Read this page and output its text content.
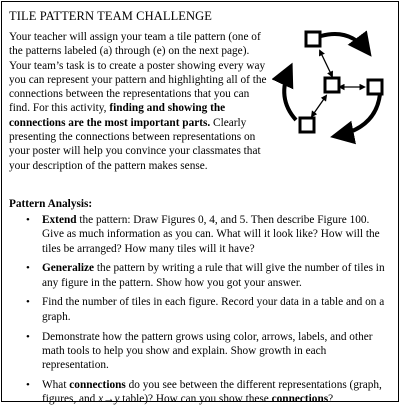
TILE PATTERN TEAM CHALLENGE

Your teacher will assign your team a tile pattern (one of the patterns labeled (a) through (e) on the next page). Your team’s task is to create a poster showing every way you can represent your pattern and highlighting all of the connections between the representations that you can find. For this activity, finding and showing the connections are the most important parts. Clearly presenting the connections between representations on your poster will help you convince your classmates that your description of the pattern makes sense.

Pattern Analysis:

• Extend the pattern: Draw Figures 0, 4, and 5. Then describe Figure 100. Give as much information as you can. What will it look like? How will the tiles be arranged? How many tiles will it have?
• Generalize the pattern by writing a rule that will give the number of tiles in any figure in the pattern. Show how you got your answer.
• Find the number of tiles in each figure. Record your data in a table and on a graph.
• Demonstrate how the pattern grows using color, arrows, labels, and other math tools to help you show and explain. Show growth in each representation.
• What connections do you see between the different representations (graph, figures, and x→y table)? How can you show these connections?
